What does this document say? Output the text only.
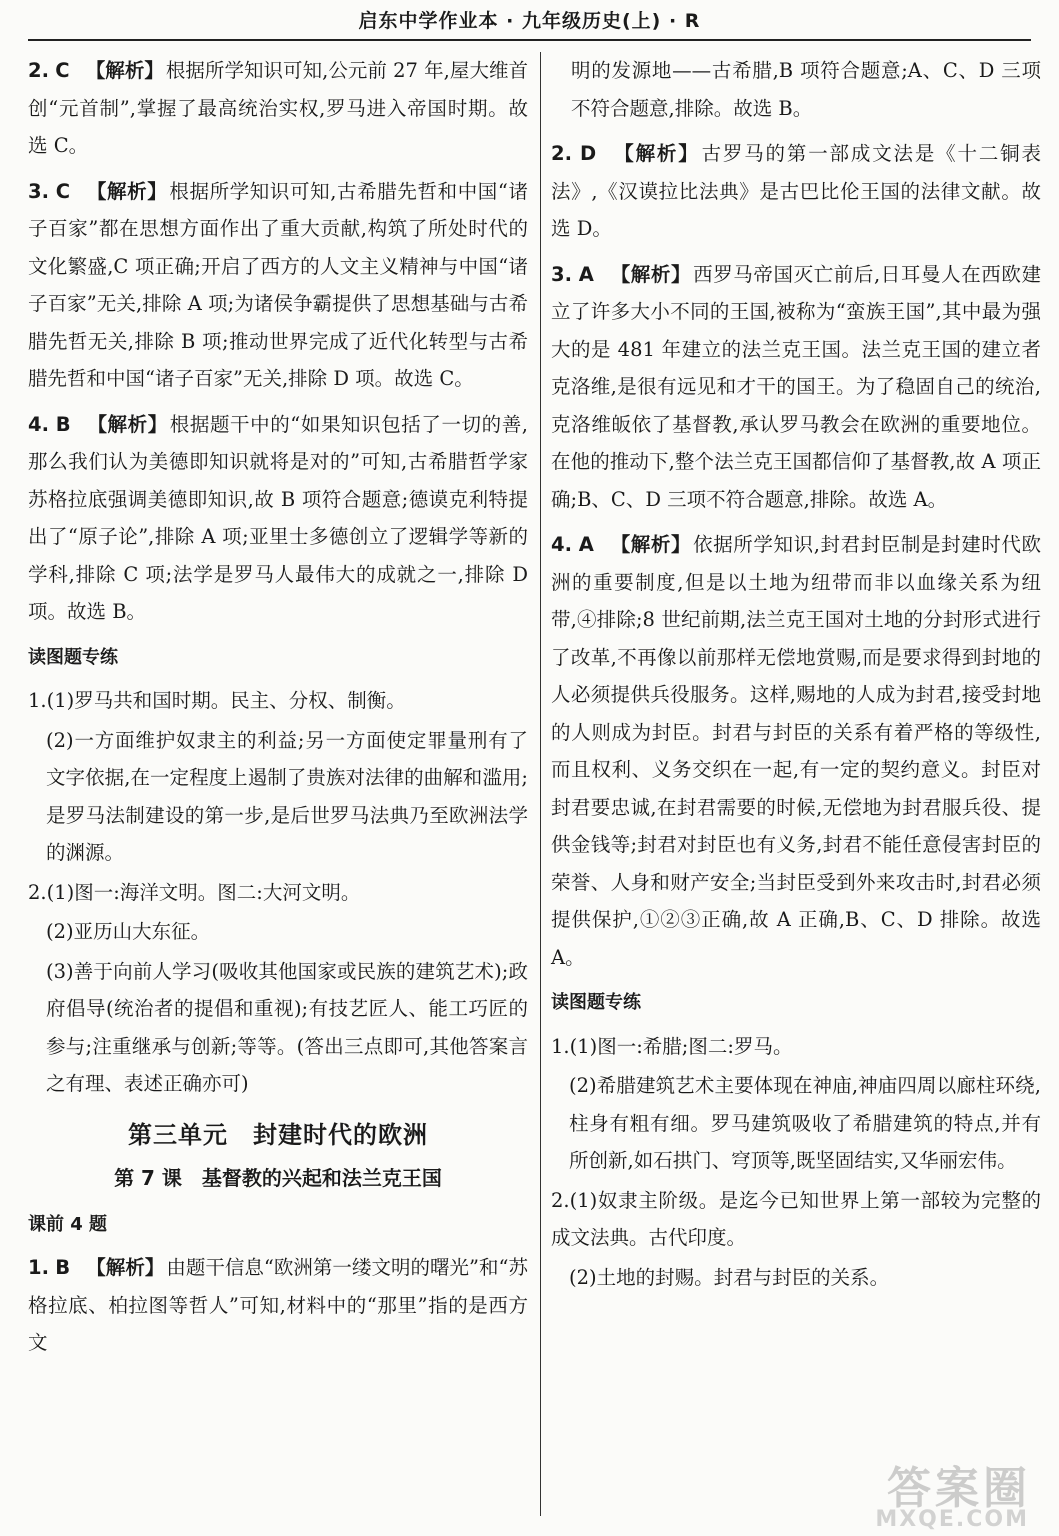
启东中学作业本 · 九年级历史(上) · R
2. C 【解析】 根据所学知识可知,公元前 27 年,屋大维首创“元首制”,掌握了最高统治实权,罗马进入帝国时期。故选 C。
3. C 【解析】 根据所学知识可知,古希腊先哲和中国“诸子百家”都在思想方面作出了重大贡献,构筑了所处时代的文化繁盛,C 项正确;开启了西方的人文主义精神与中国“诸子百家”无关,排除 A 项;为诸侯争霸提供了思想基础与古希腊先哲无关,排除 B 项;推动世界完成了近代化转型与古希腊先哲和中国“诸子百家”无关,排除 D 项。故选 C。
4. B 【解析】 根据题干中的“如果知识包括了一切的善,那么我们认为美德即知识就将是对的”可知,古希腊哲学家苏格拉底强调美德即知识,故 B 项符合题意;德谟克利特提出了“原子论”,排除 A 项;亚里士多德创立了逻辑学等新的学科,排除 C 项;法学是罗马人最伟大的成就之一,排除 D 项。故选 B。
读图题专练
1.(1)罗马共和国时期。民主、分权、制衡。
(2)一方面维护奴隶主的利益;另一方面使定罪量刑有了文字依据,在一定程度上遏制了贵族对法律的曲解和滥用;是罗马法制建设的第一步,是后世罗马法典乃至欧洲法学的渊源。
2.(1)图一:海洋文明。图二:大河文明。
(2)亚历山大东征。
(3)善于向前人学习(吸收其他国家或民族的建筑艺术);政府倡导(统治者的提倡和重视);有技艺匠人、能工巧匠的参与;注重继承与创新;等等。(答出三点即可,其他答案言之有理、表述正确亦可)
第三单元　封建时代的欧洲
第 7 课　基督教的兴起和法兰克王国
课前 4 题
1. B 【解析】 由题干信息“欧洲第一缕文明的曙光”和“苏格拉底、柏拉图等哲人”可知,材料中的“那里”指的是西方文
明的发源地——古希腊,B 项符合题意;A、C、D 三项不符合题意,排除。故选 B。
2. D 【解析】 古罗马的第一部成文法是《十二铜表法》,《汉谟拉比法典》是古巴比伦王国的法律文献。故选 D。
3. A 【解析】 西罗马帝国灭亡前后,日耳曼人在西欧建立了许多大小不同的王国,被称为“蛮族王国”,其中最为强大的是 481 年建立的法兰克王国。法兰克王国的建立者克洛维,是很有远见和才干的国王。为了稳固自己的统治,克洛维皈依了基督教,承认罗马教会在欧洲的重要地位。在他的推动下,整个法兰克王国都信仰了基督教,故 A 项正确;B、C、D 三项不符合题意,排除。故选 A。
4. A 【解析】 依据所学知识,封君封臣制是封建时代欧洲的重要制度,但是以土地为纽带而非以血缘关系为纽带,④排除;8 世纪前期,法兰克王国对土地的分封形式进行了改革,不再像以前那样无偿地赏赐,而是要求得到封地的人必须提供兵役服务。这样,赐地的人成为封君,接受封地的人则成为封臣。封君与封臣的关系有着严格的等级性,而且权利、义务交织在一起,有一定的契约意义。封臣对封君要忠诚,在封君需要的时候,无偿地为封君服兵役、提供金钱等;封君对封臣也有义务,封君不能任意侵害封臣的荣誉、人身和财产安全;当封臣受到外来攻击时,封君必须提供保护,①②③正确,故 A 正确,B、C、D 排除。故选 A。
读图题专练
1.(1)图一:希腊;图二:罗马。
(2)希腊建筑艺术主要体现在神庙,神庙四周以廊柱环绕,柱身有粗有细。罗马建筑吸收了希腊建筑的特点,并有所创新,如石拱门、穹顶等,既坚固结实,又华丽宏伟。
2.(1)奴隶主阶级。是迄今已知世界上第一部较为完整的成文法典。古代印度。
(2)土地的封赐。封君与封臣的关系。
答案圈
MXQE.COM
